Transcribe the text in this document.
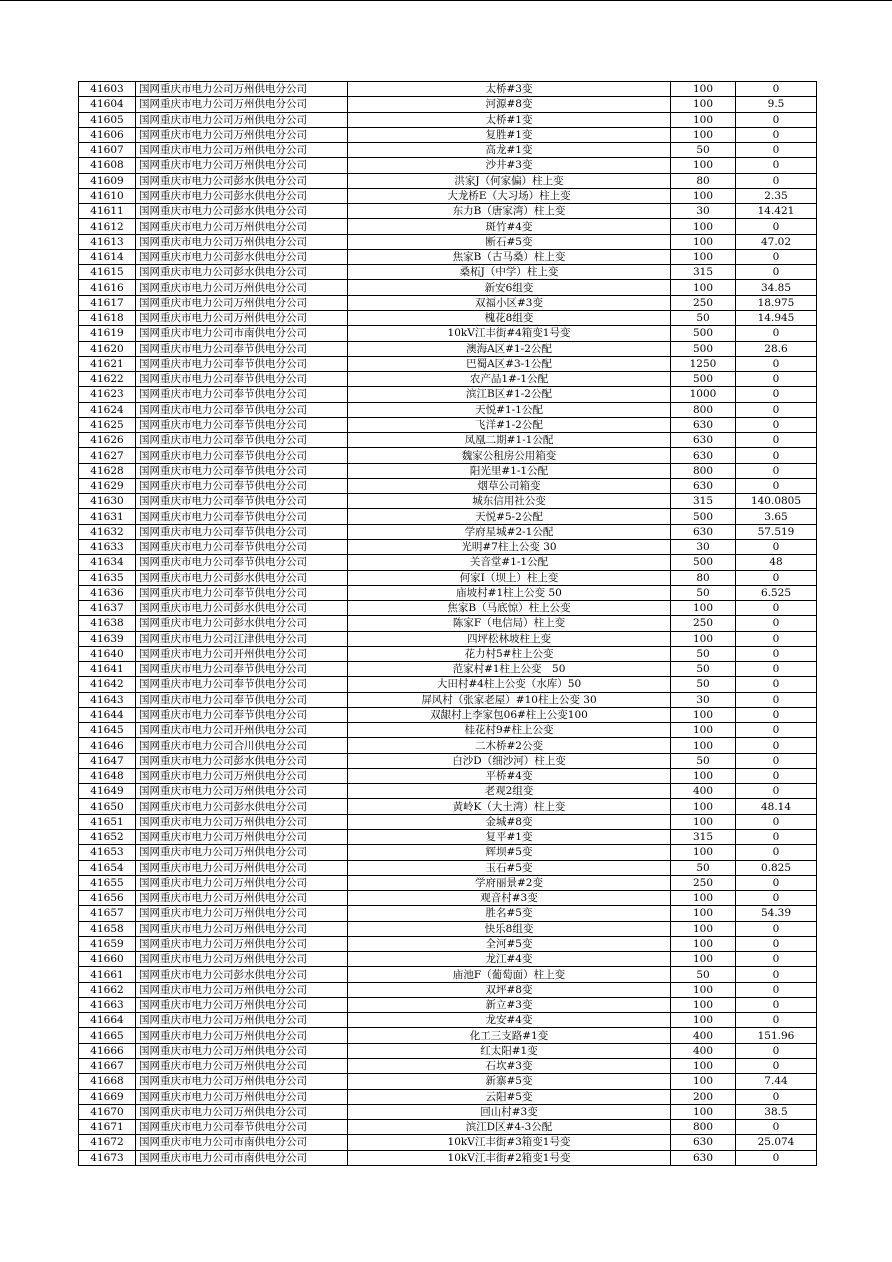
41603	国网重庆市电力公司万州供电分公司	太桥#3变	100	0
41604	国网重庆市电力公司万州供电分公司	河源#8变	100	9.5
41605	国网重庆市电力公司万州供电分公司	太桥#1变	100	0
41606	国网重庆市电力公司万州供电分公司	复胜#1变	100	0
41607	国网重庆市电力公司万州供电分公司	高龙#1变	50	0
41608	国网重庆市电力公司万州供电分公司	沙井#3变	100	0
41609	国网重庆市电力公司彭水供电分公司	洪家J（何家偏）柱上变	80	0
41610	国网重庆市电力公司彭水供电分公司	大龙桥E（大习场）柱上变	100	2.35
41611	国网重庆市电力公司彭水供电分公司	东力B（唐家湾）柱上变	30	14.421
41612	国网重庆市电力公司万州供电分公司	斑竹#4变	100	0
41613	国网重庆市电力公司万州供电分公司	断石#5变	100	47.02
41614	国网重庆市电力公司彭水供电分公司	焦家B（古马桑）柱上变	100	0
41615	国网重庆市电力公司彭水供电分公司	桑柘J（中学）柱上变	315	0
41616	国网重庆市电力公司万州供电分公司	新安6组变	100	34.85
41617	国网重庆市电力公司万州供电分公司	双福小区#3变	250	18.975
41618	国网重庆市电力公司万州供电分公司	槐花8组变	50	14.945
41619	国网重庆市电力公司市南供电分公司	10kV江丰街#4箱变1号变	500	0
41620	国网重庆市电力公司奉节供电分公司	澳海A区#1-2公配	500	28.6
41621	国网重庆市电力公司奉节供电分公司	巴蜀A区#3-1公配	1250	0
41622	国网重庆市电力公司奉节供电分公司	农产品1#-1公配	500	0
41623	国网重庆市电力公司奉节供电分公司	滨江B区#1-2公配	1000	0
41624	国网重庆市电力公司奉节供电分公司	天悦#1-1公配	800	0
41625	国网重庆市电力公司奉节供电分公司	飞洋#1-2公配	630	0
41626	国网重庆市电力公司奉节供电分公司	凤凰二期#1-1公配	630	0
41627	国网重庆市电力公司奉节供电分公司	魏家公租房公用箱变	630	0
41628	国网重庆市电力公司奉节供电分公司	阳光里#1-1公配	800	0
41629	国网重庆市电力公司奉节供电分公司	烟草公司箱变	630	0
41630	国网重庆市电力公司奉节供电分公司	城东信用社公变	315	140.0805
41631	国网重庆市电力公司奉节供电分公司	天悦#5-2公配	500	3.65
41632	国网重庆市电力公司奉节供电分公司	学府星城#2-1公配	630	57.519
41633	国网重庆市电力公司奉节供电分公司	光明#7柱上公变 30	30	0
41634	国网重庆市电力公司奉节供电分公司	关音堂#1-1公配	500	48
41635	国网重庆市电力公司彭水供电分公司	何家I（坝上）柱上变	80	0
41636	国网重庆市电力公司奉节供电分公司	庙坡村#1柱上公变 50	50	6.525
41637	国网重庆市电力公司彭水供电分公司	焦家B（马底惊）柱上公变	100	0
41638	国网重庆市电力公司彭水供电分公司	陈家F（电信局）柱上变	250	0
41639	国网重庆市电力公司江津供电分公司	四坪松林坡柱上变	100	0
41640	国网重庆市电力公司开州供电分公司	花力村5#柱上公变	50	0
41641	国网重庆市电力公司奉节供电分公司	范家村#1柱上公变　50	50	0
41642	国网重庆市电力公司奉节供电分公司	大田村#4柱上公变（水库）50	50	0
41643	国网重庆市电力公司奉节供电分公司	屏风村（张家老屋）#10柱上公变 30	30	0
41644	国网重庆市电力公司奉节供电分公司	双龈村上李家包06#柱上公变100	100	0
41645	国网重庆市电力公司开州供电分公司	桂花村9#柱上公变	100	0
41646	国网重庆市电力公司合川供电分公司	二木桥#2公变	100	0
41647	国网重庆市电力公司彭水供电分公司	白沙D（细沙河）柱上变	50	0
41648	国网重庆市电力公司万州供电分公司	平桥#4变	100	0
41649	国网重庆市电力公司万州供电分公司	老观2组变	400	0
41650	国网重庆市电力公司彭水供电分公司	黄岭K（大土湾）柱上变	100	48.14
41651	国网重庆市电力公司万州供电分公司	金城#8变	100	0
41652	国网重庆市电力公司万州供电分公司	复平#1变	315	0
41653	国网重庆市电力公司万州供电分公司	辉坝#5变	100	0
41654	国网重庆市电力公司万州供电分公司	玉石#5变	50	0.825
41655	国网重庆市电力公司万州供电分公司	学府丽景#2变	250	0
41656	国网重庆市电力公司万州供电分公司	观音村#3变	100	0
41657	国网重庆市电力公司万州供电分公司	胜名#5变	100	54.39
41658	国网重庆市电力公司万州供电分公司	快乐8组变	100	0
41659	国网重庆市电力公司万州供电分公司	全河#5变	100	0
41660	国网重庆市电力公司万州供电分公司	龙江#4变	100	0
41661	国网重庆市电力公司彭水供电分公司	庙池F（葡萄面）柱上变	50	0
41662	国网重庆市电力公司万州供电分公司	双坪#8变	100	0
41663	国网重庆市电力公司万州供电分公司	新立#3变	100	0
41664	国网重庆市电力公司万州供电分公司	龙安#4变	100	0
41665	国网重庆市电力公司万州供电分公司	化工三支路#1变	400	151.96
41666	国网重庆市电力公司万州供电分公司	红太阳#1变	400	0
41667	国网重庆市电力公司万州供电分公司	石坎#3变	100	0
41668	国网重庆市电力公司万州供电分公司	新寨#5变	100	7.44
41669	国网重庆市电力公司万州供电分公司	云阳#5变	200	0
41670	国网重庆市电力公司万州供电分公司	回山村#3变	100	38.5
41671	国网重庆市电力公司奉节供电分公司	滨江D区#4-3公配	800	0
41672	国网重庆市电力公司市南供电分公司	10kV江丰街#3箱变1号变	630	25.074
41673	国网重庆市电力公司市南供电分公司	10kV江丰街#2箱变1号变	630	0
